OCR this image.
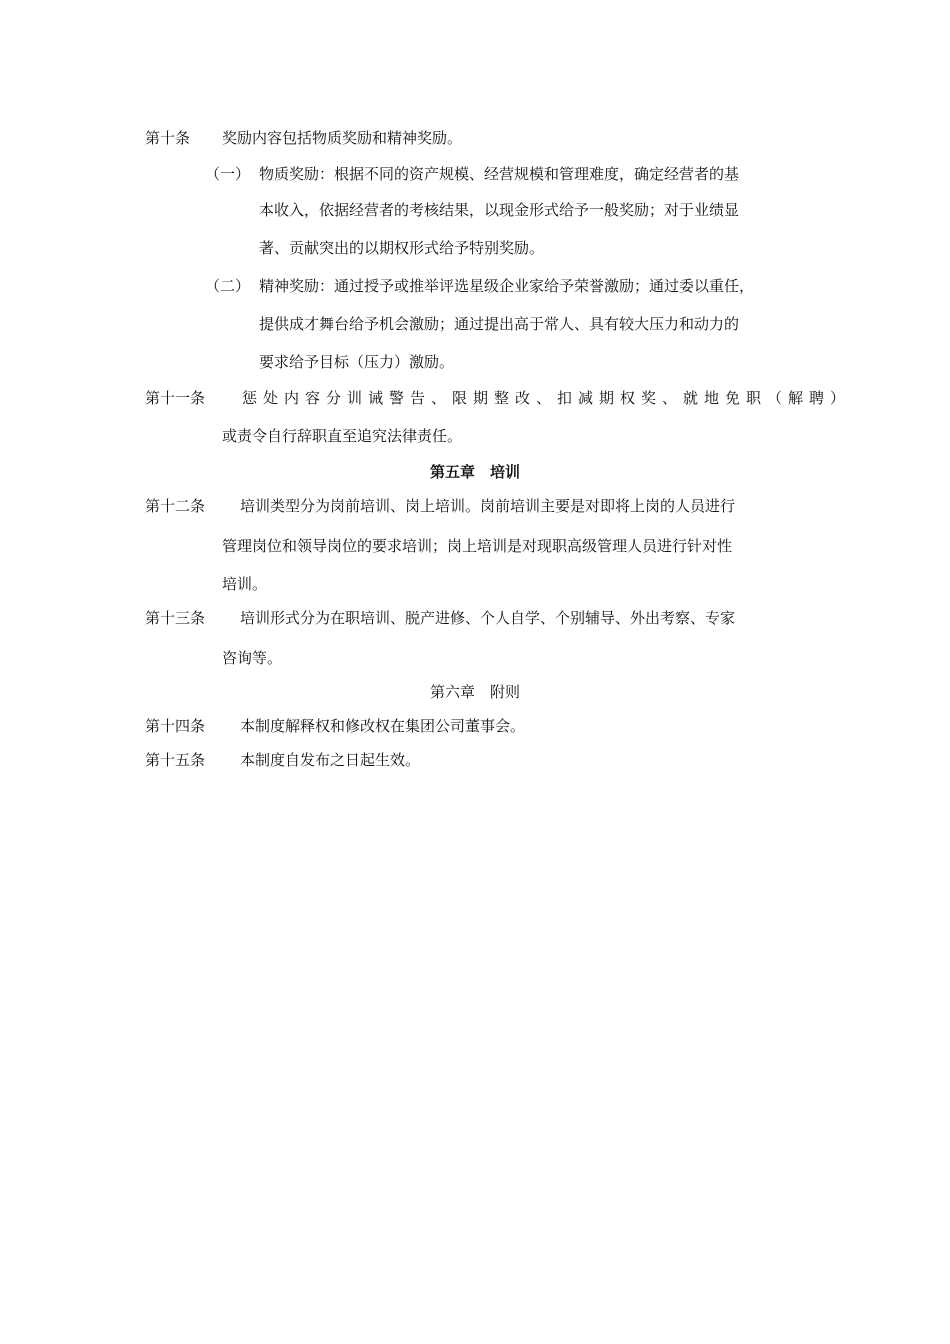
第十条 奖励内容包括物质奖励和精神奖励。
（一） 物质奖励：根据不同的资产规模、经营规模和管理难度，确定经营者的基
本收入，依据经营者的考核结果，以现金形式给予一般奖励；对于业绩显
著、贡献突出的以期权形式给予特别奖励。
（二） 精神奖励：通过授予或推举评选星级企业家给予荣誉激励；通过委以重任，
提供成才舞台给予机会激励；通过提出高于常人、具有较大压力和动力的
要求给予目标（压力）激励。
第十一条 惩处内容分训诫警告、限期整改、扣减期权奖、就地免职（解聘）
或责令自行辞职直至追究法律责任。
第五章　培训
第十二条 培训类型分为岗前培训、岗上培训。岗前培训主要是对即将上岗的人员进行
管理岗位和领导岗位的要求培训；岗上培训是对现职高级管理人员进行针对性
培训。
第十三条 培训形式分为在职培训、脱产进修、个人自学、个别辅导、外出考察、专家
咨询等。
第六章　附则
第十四条 本制度解释权和修改权在集团公司董事会。
第十五条 本制度自发布之日起生效。
